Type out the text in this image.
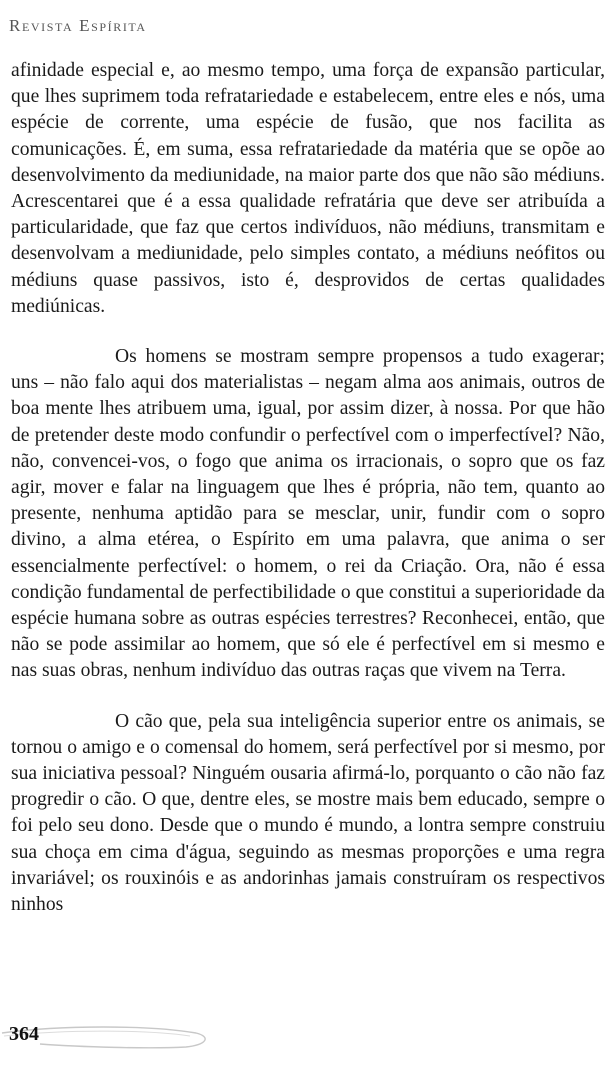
Revista Espírita

afinidade especial e, ao mesmo tempo, uma força de expansão particular, que lhes suprimem toda refratariedade e estabelecem, entre eles e nós, uma espécie de corrente, uma espécie de fusão, que nos facilita as comunicações. É, em suma, essa refratariedade da matéria que se opõe ao desenvolvimento da mediunidade, na maior parte dos que não são médiuns. Acrescentarei que é a essa qualidade refratária que deve ser atribuída a particularidade, que faz que certos indivíduos, não médiuns, transmitam e desenvolvam a mediunidade, pelo simples contato, a médiuns neófitos ou médiuns quase passivos, isto é, desprovidos de certas qualidades mediúnicas.

Os homens se mostram sempre propensos a tudo exagerar; uns – não falo aqui dos materialistas – negam alma aos animais, outros de boa mente lhes atribuem uma, igual, por assim dizer, à nossa. Por que hão de pretender deste modo confundir o perfectível com o imperfectível? Não, não, convencei-vos, o fogo que anima os irracionais, o sopro que os faz agir, mover e falar na linguagem que lhes é própria, não tem, quanto ao presente, nenhuma aptidão para se mesclar, unir, fundir com o sopro divino, a alma etérea, o Espírito em uma palavra, que anima o ser essencialmente perfectível: o homem, o rei da Criação. Ora, não é essa condição fundamental de perfectibilidade o que constitui a superioridade da espécie humana sobre as outras espécies terrestres? Reconhecei, então, que não se pode assimilar ao homem, que só ele é perfectível em si mesmo e nas suas obras, nenhum indivíduo das outras raças que vivem na Terra.

O cão que, pela sua inteligência superior entre os animais, se tornou o amigo e o comensal do homem, será perfectível por si mesmo, por sua iniciativa pessoal? Ninguém ousaria afirmá-lo, porquanto o cão não faz progredir o cão. O que, dentre eles, se mostre mais bem educado, sempre o foi pelo seu dono. Desde que o mundo é mundo, a lontra sempre construiu sua choça em cima d'água, seguindo as mesmas proporções e uma regra invariável; os rouxinóis e as andorinhas jamais construíram os respectivos ninhos

364
